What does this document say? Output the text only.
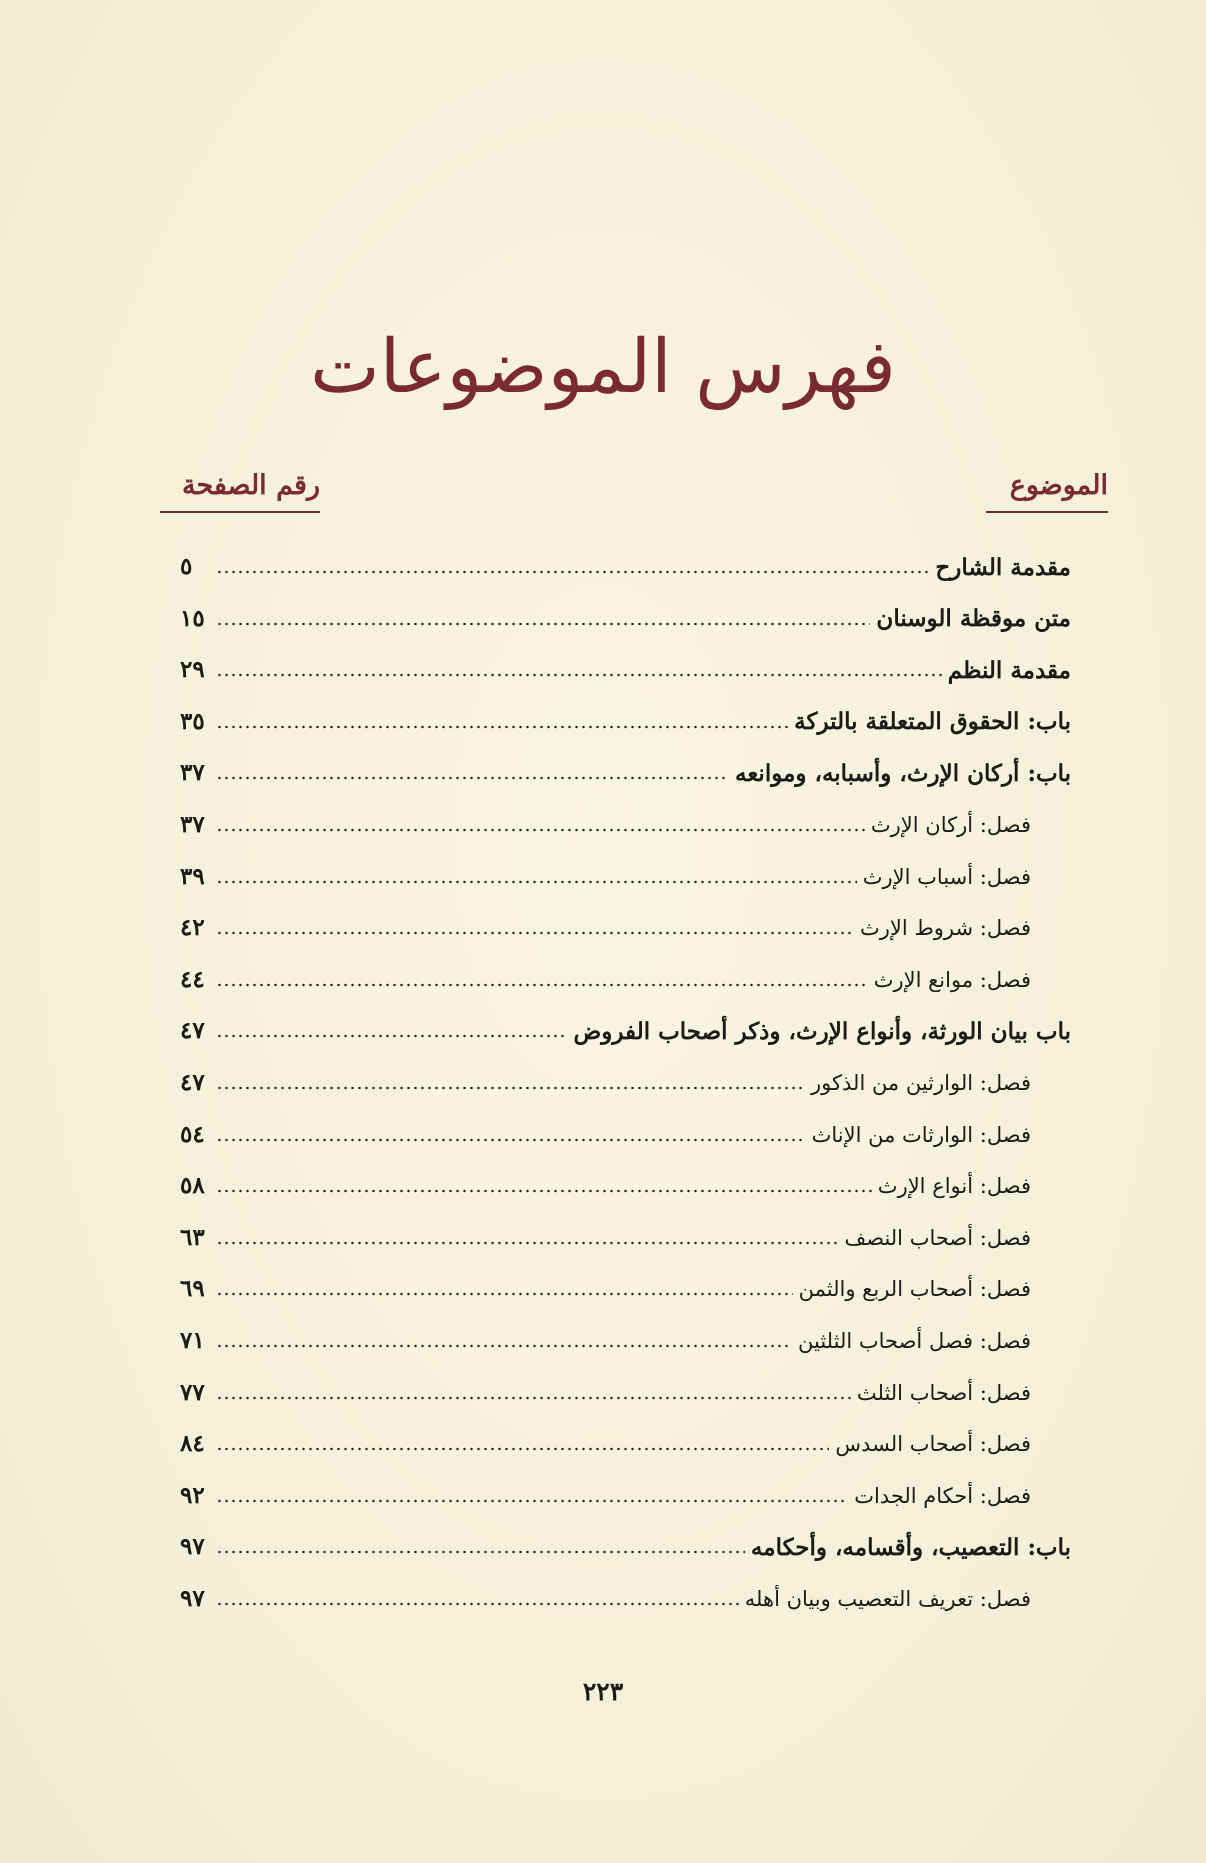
فهرس الموضوعات
الموضوع
رقم الصفحة
مقدمة الشارح
٥
متن موقظة الوسنان
١٥
مقدمة النظم
٢٩
باب: الحقوق المتعلقة بالتركة
٣٥
باب: أركان الإرث، وأسبابه، وموانعه
٣٧
فصل: أركان الإرث
٣٧
فصل: أسباب الإرث
٣٩
فصل: شروط الإرث
٤٢
فصل: موانع الإرث
٤٤
باب بيان الورثة، وأنواع الإرث، وذكر أصحاب الفروض
٤٧
فصل: الوارثين من الذكور
٤٧
فصل: الوارثات من الإناث
٥٤
فصل: أنواع الإرث
٥٨
فصل: أصحاب النصف
٦٣
فصل: أصحاب الربع والثمن
٦٩
فصل: فصل أصحاب الثلثين
٧١
فصل: أصحاب الثلث
٧٧
فصل: أصحاب السدس
٨٤
فصل: أحكام الجدات
٩٢
باب: التعصيب، وأقسامه، وأحكامه
٩٧
فصل: تعريف التعصيب وبيان أهله
٩٧
٢٢٣
